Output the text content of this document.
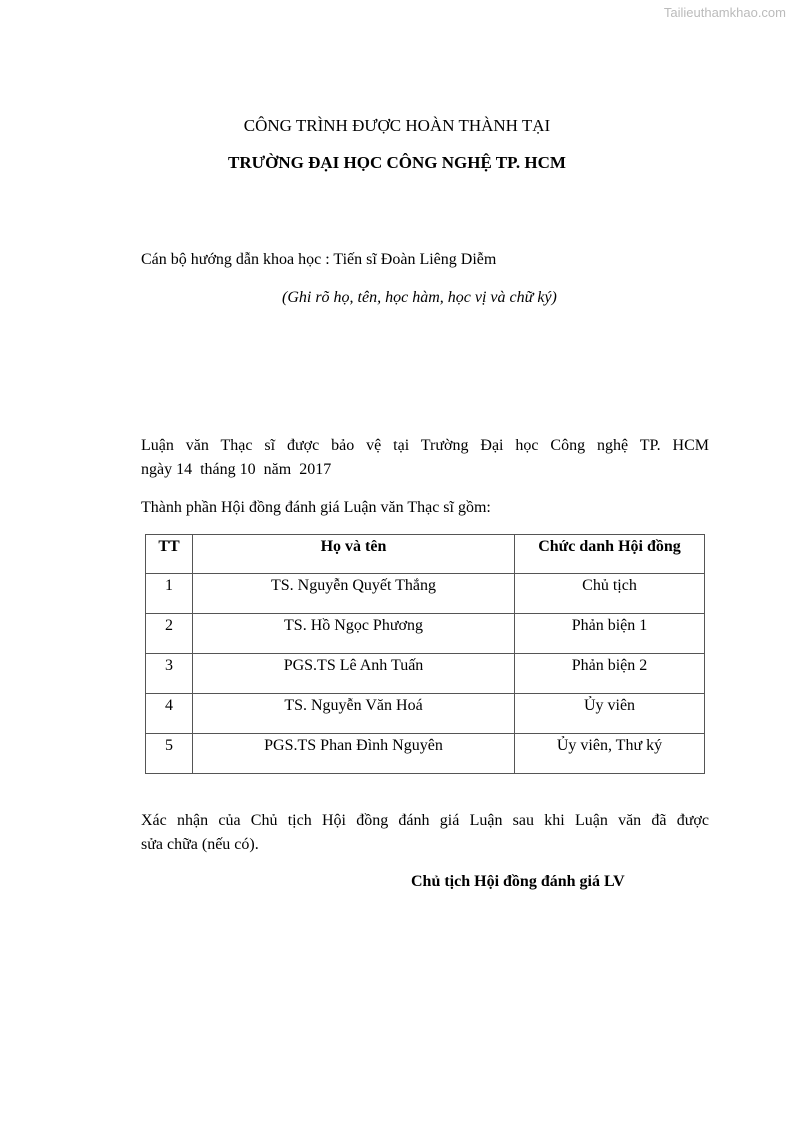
Tailieuthamkhao.com
CÔNG TRÌNH ĐƯỢC HOÀN THÀNH TẠI
TRƯỜNG ĐẠI HỌC CÔNG NGHỆ TP. HCM
Cán bộ hướng dẫn khoa học : Tiến sĩ Đoàn Liêng Diễm
(Ghi rõ họ, tên, học hàm, học vị và chữ ký)
Luận văn Thạc sĩ được bảo vệ tại Trường Đại học Công nghệ TP. HCM
ngày 14  tháng 10  năm  2017
Thành phần Hội đồng đánh giá Luận văn Thạc sĩ gồm:
TT	Họ và tên	Chức danh Hội đồng
1	TS. Nguyễn Quyết Thắng	Chủ tịch
2	TS. Hồ Ngọc Phương	Phản biện 1
3	PGS.TS Lê Anh Tuấn	Phản biện 2
4	TS. Nguyễn Văn Hoá	Ủy viên
5	PGS.TS Phan Đình Nguyên	Ủy viên, Thư ký
Xác nhận của Chủ tịch Hội đồng đánh giá Luận sau khi Luận văn đã được
sửa chữa (nếu có).
Chủ tịch Hội đồng đánh giá LV
